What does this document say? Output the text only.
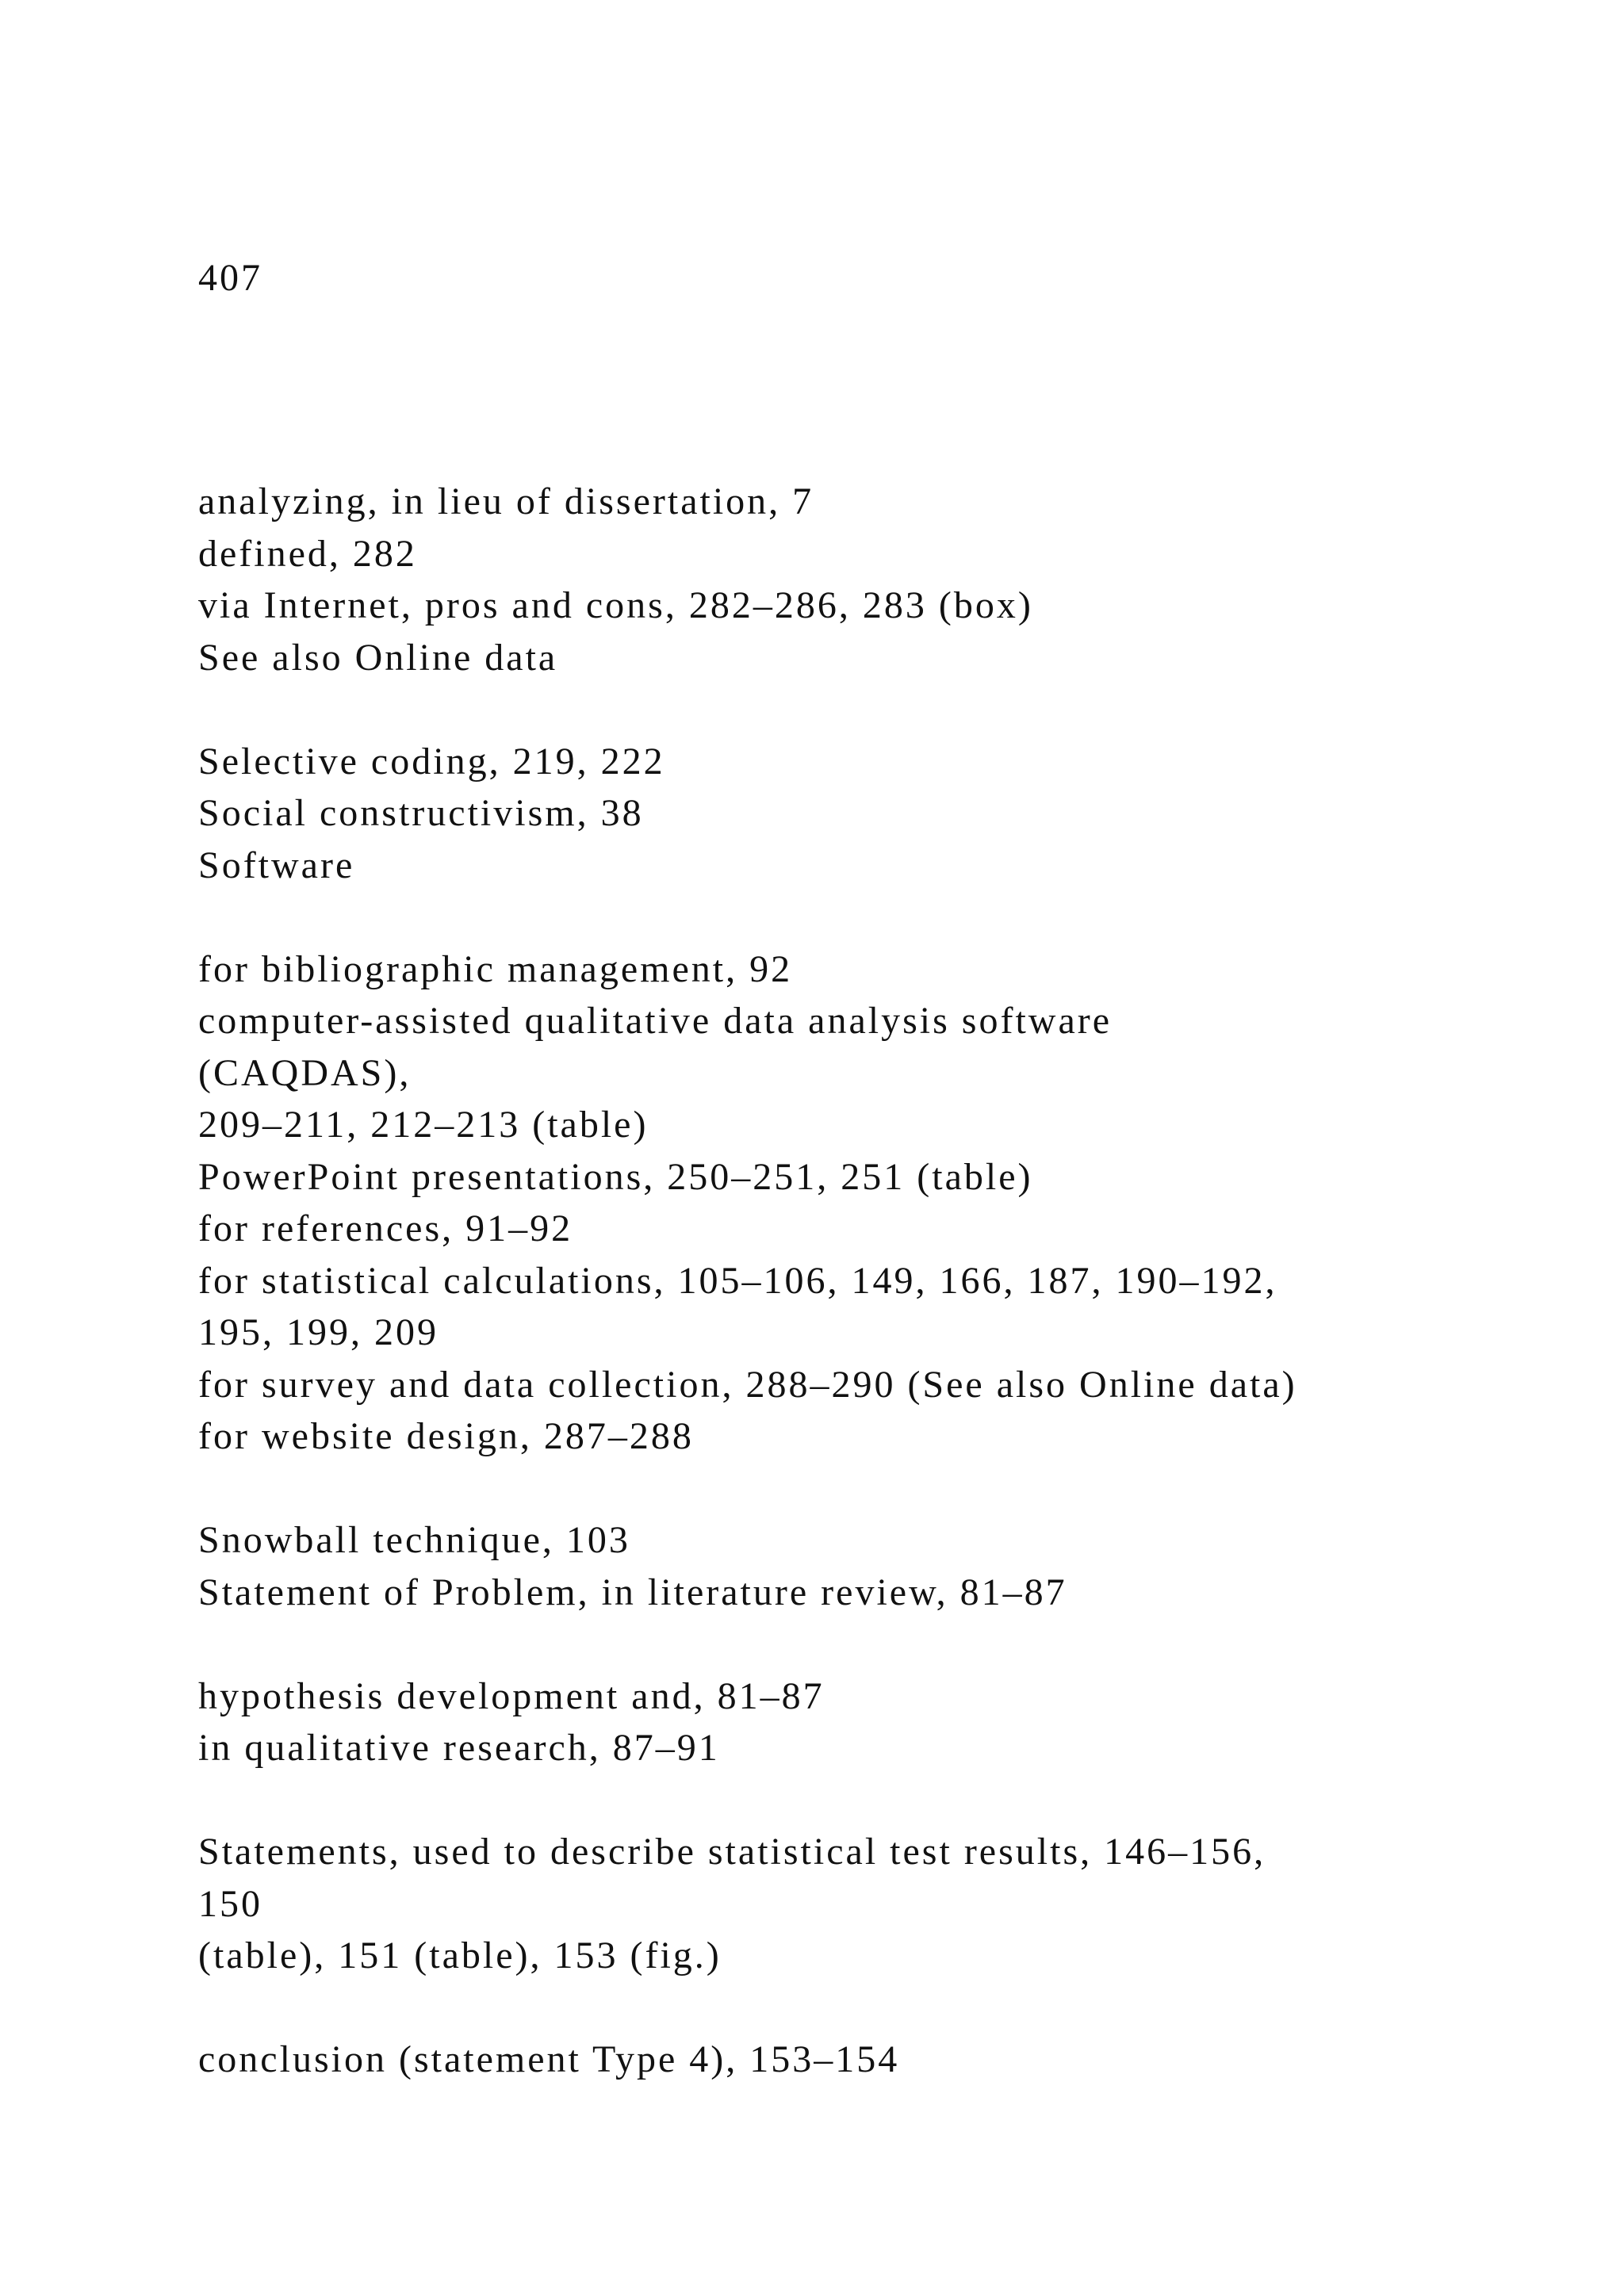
407
analyzing, in lieu of dissertation, 7
defined, 282
via Internet, pros and cons, 282–286, 283 (box)
See also Online data
Selective coding, 219, 222
Social constructivism, 38
Software
for bibliographic management, 92
computer-assisted qualitative data analysis software
(CAQDAS),
209–211, 212–213 (table)
PowerPoint presentations, 250–251, 251 (table)
for references, 91–92
for statistical calculations, 105–106, 149, 166, 187, 190–192,
195, 199, 209
for survey and data collection, 288–290 (See also Online data)
for website design, 287–288
Snowball technique, 103
Statement of Problem, in literature review, 81–87
hypothesis development and, 81–87
in qualitative research, 87–91
Statements, used to describe statistical test results, 146–156,
150
(table), 151 (table), 153 (fig.)
conclusion (statement Type 4), 153–154
